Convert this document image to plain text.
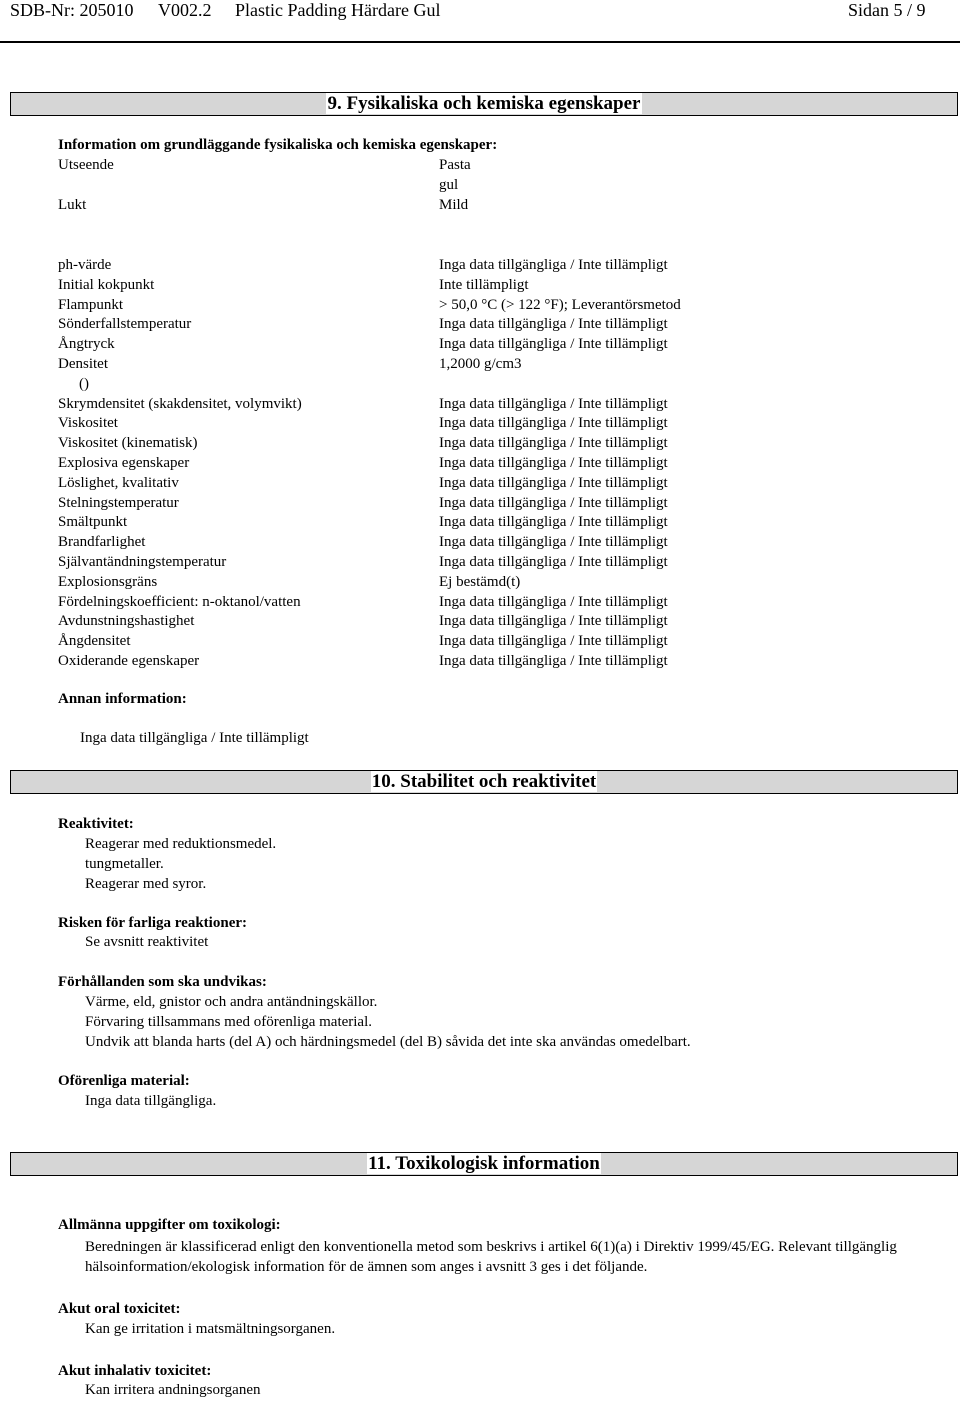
SDB-Nr: 205010 V002.2 Plastic Padding Härdare Gul	Sidan 5 / 9
9. Fysikaliska och kemiska egenskaper
Information om grundläggande fysikaliska och kemiska egenskaper:
Utseende	Pasta
gul
Lukt	Mild
ph-värde	Inga data tillgängliga / Inte tillämpligt
Initial kokpunkt	Inte tillämpligt
Flampunkt	> 50,0 °C (> 122 °F); Leverantörsmetod
Sönderfallstemperatur	Inga data tillgängliga / Inte tillämpligt
Ångtryck	Inga data tillgängliga / Inte tillämpligt
Densitet	1,2000 g/cm3
()
Skrymdensitet (skakdensitet, volymvikt)	Inga data tillgängliga / Inte tillämpligt
Viskositet	Inga data tillgängliga / Inte tillämpligt
Viskositet (kinematisk)	Inga data tillgängliga / Inte tillämpligt
Explosiva egenskaper	Inga data tillgängliga / Inte tillämpligt
Löslighet, kvalitativ	Inga data tillgängliga / Inte tillämpligt
Stelningstemperatur	Inga data tillgängliga / Inte tillämpligt
Smältpunkt	Inga data tillgängliga / Inte tillämpligt
Brandfarlighet	Inga data tillgängliga / Inte tillämpligt
Självantändningstemperatur	Inga data tillgängliga / Inte tillämpligt
Explosionsgräns	Ej bestämd(t)
Fördelningskoefficient: n-oktanol/vatten	Inga data tillgängliga / Inte tillämpligt
Avdunstningshastighet	Inga data tillgängliga / Inte tillämpligt
Ångdensitet	Inga data tillgängliga / Inte tillämpligt
Oxiderande egenskaper	Inga data tillgängliga / Inte tillämpligt
Annan information:
Inga data tillgängliga / Inte tillämpligt
10. Stabilitet och reaktivitet
Reaktivitet:
Reagerar med reduktionsmedel.
tungmetaller.
Reagerar med syror.
Risken för farliga reaktioner:
Se avsnitt reaktivitet
Förhållanden som ska undvikas:
Värme, eld, gnistor och andra antändningskällor.
Förvaring tillsammans med oförenliga material.
Undvik att blanda harts (del A) och härdningsmedel (del B) såvida det inte ska användas omedelbart.
Oförenliga material:
Inga data tillgängliga.
11. Toxikologisk information
Allmänna uppgifter om toxikologi:
Beredningen är klassificerad enligt den konventionella metod som beskrivs i artikel 6(1)(a) i Direktiv 1999/45/EG. Relevant tillgänglig hälsoinformation/ekologisk information för de ämnen som anges i avsnitt 3 ges i det följande.
Akut oral toxicitet:
Kan ge irritation i matsmältningsorganen.
Akut inhalativ toxicitet:
Kan irritera andningsorganen
